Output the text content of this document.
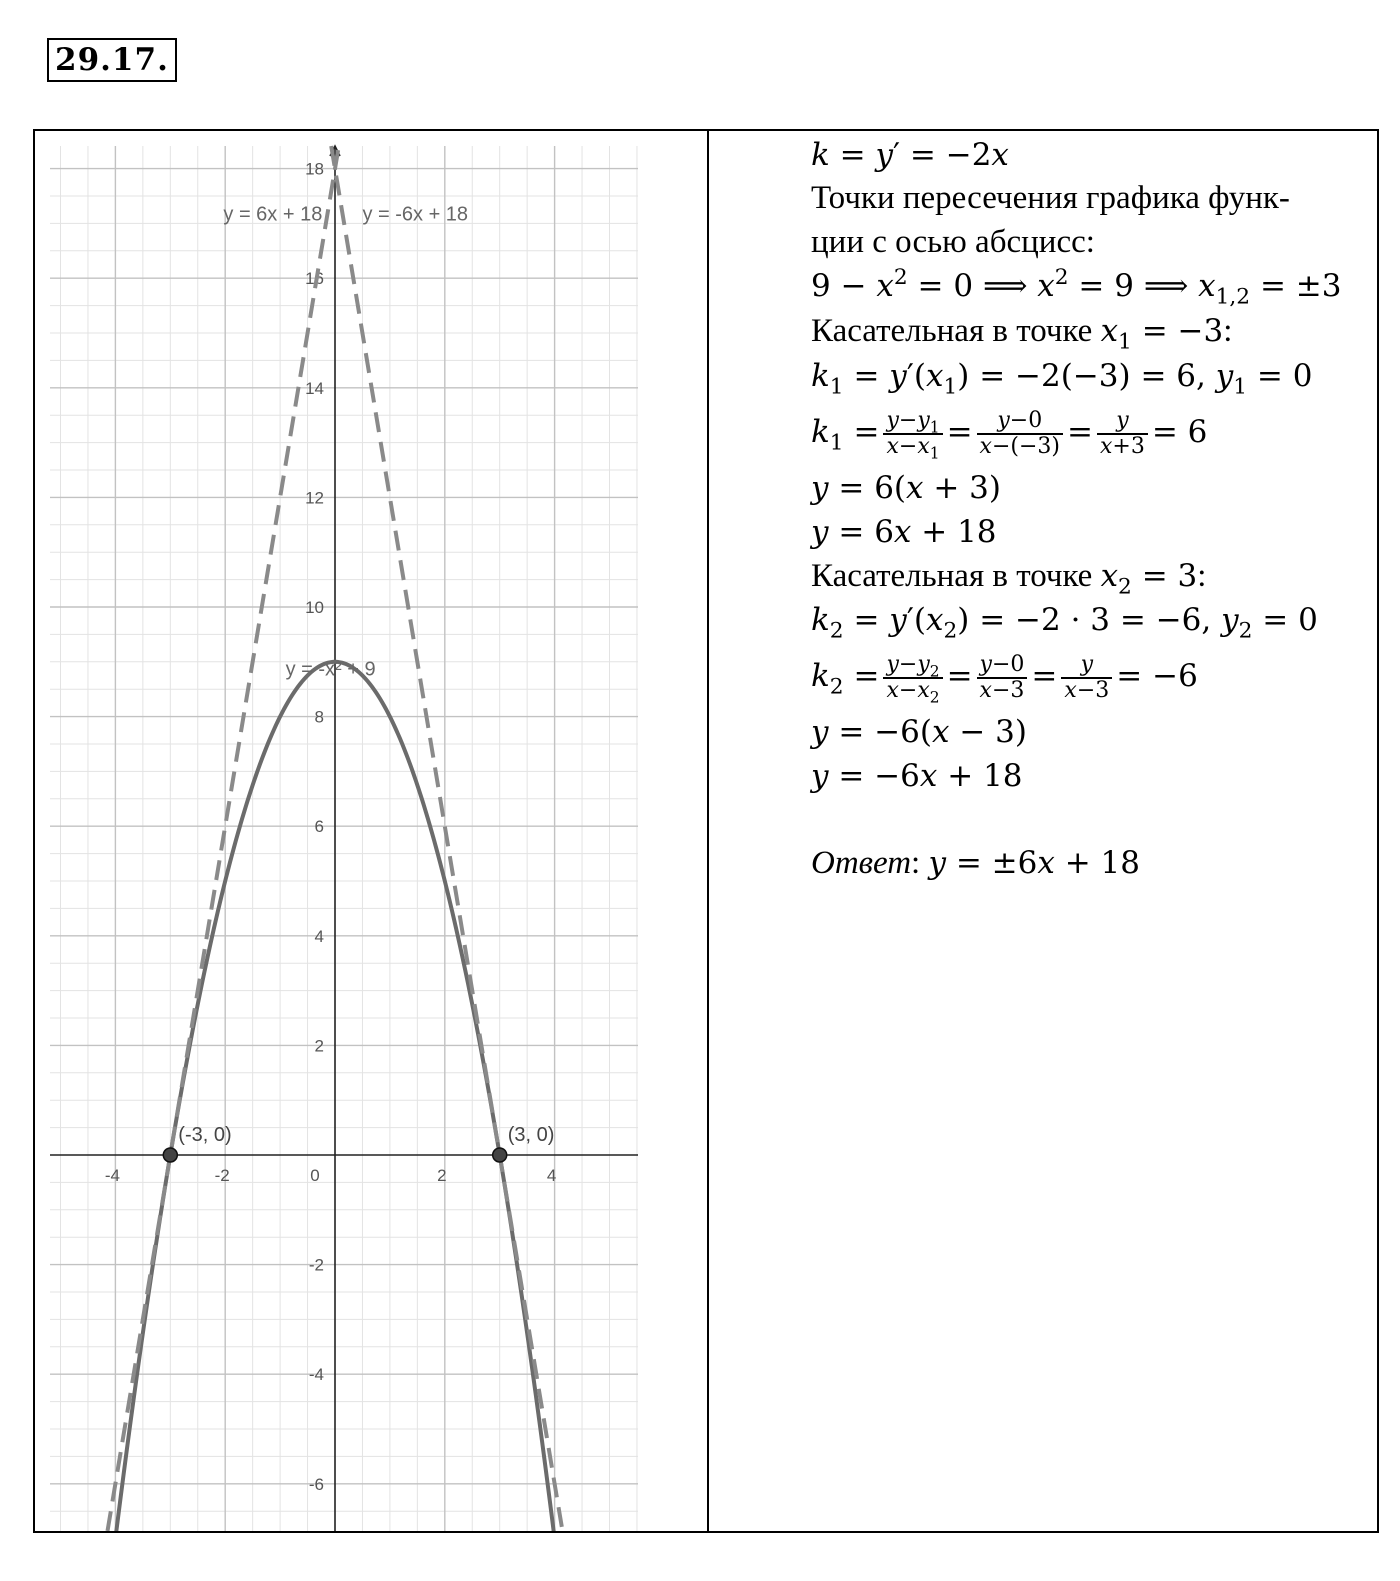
29.17.
-4	-2	0	2	4
-6
-4
-2
2
4
6
8
10
12
14
16
18
y = -x² + 9
y = 6x + 18 y = -6x + 18
(-3, 0)	(3, 0)
k = y′ = −2x
Точки пересечения графика функ-
ции с осью абсцисс:
$9 - x^2 = 0$ ⟹ $x^2 = 9$ ⟹ $x_{1,2} = \pm 3$
Касательная в точке $x_1 = -3$:
$k_1 = y'(x_1) = -2(-3) = 6$, $y_1 = 0$
$k_1 = \frac{y-y_1}{x-x_1} = \frac{y-0}{x-(-3)} = \frac{y}{x+3} = 6$
y = 6(x + 3)
y = 6x + 18
Касательная в точке $x_2 = 3$:
$k_2 = y'(x_2) = -2 \cdot 3 = -6$, $y_2 = 0$
$k_2 = \frac{y-y_2}{x-x_2} = \frac{y-0}{x-3} = \frac{y}{x-3} = -6$
y = −6(x − 3)
y = −6x + 18
Ответ: y = ±6x + 18
